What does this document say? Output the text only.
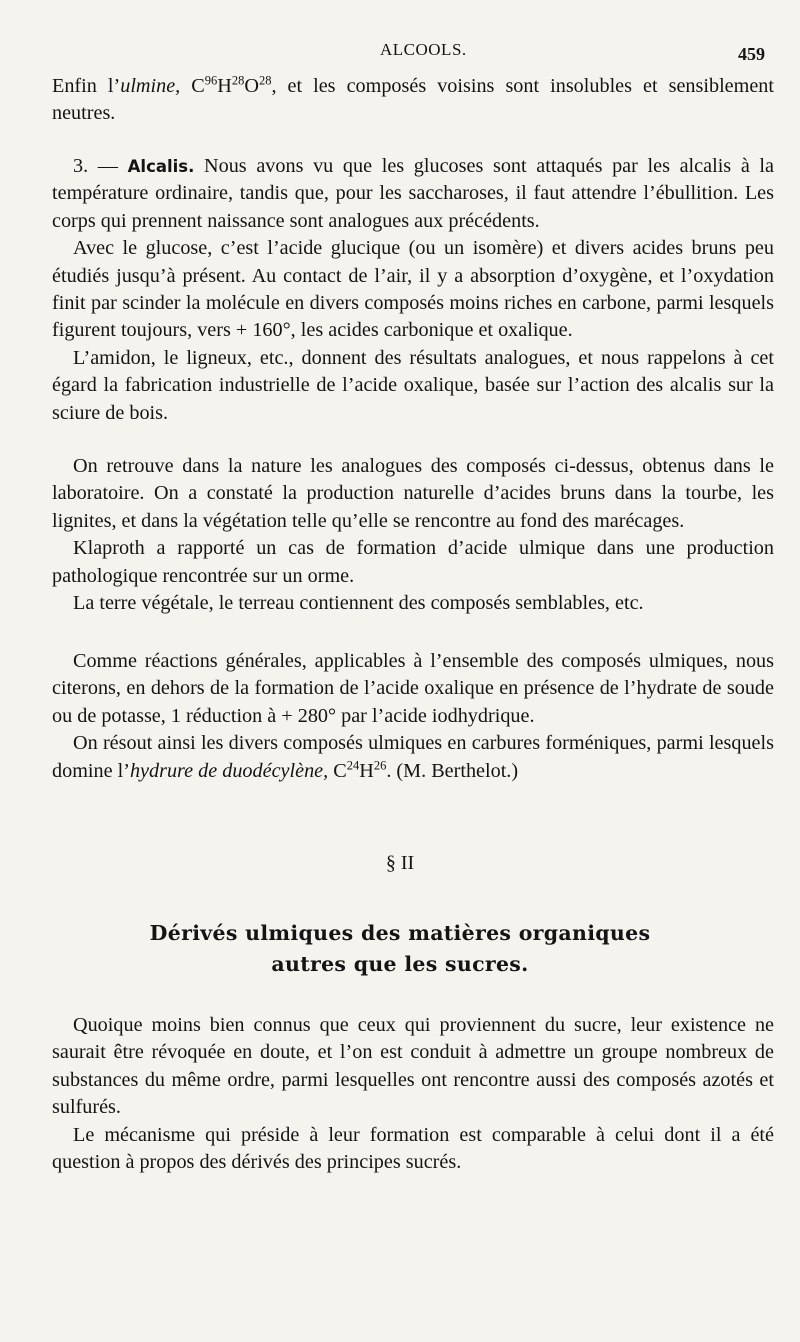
ALCOOLS.	459

Enfin l’ulmine, $C^{96}H^{28}O^{28}$, et les composés voisins sont insolubles et sensiblement neutres.

3. — Alcalis. Nous avons vu que les glucoses sont attaqués par les alcalis à la température ordinaire, tandis que, pour les saccharoses, il faut attendre l’ébullition. Les corps qui prennent naissance sont analogues aux précédents.

Avec le glucose, c’est l’acide glucique (ou un isomère) et divers acides bruns peu étudiés jusqu’à présent. Au contact de l’air, il y a absorption d’oxygène, et l’oxydation finit par scinder la molécule en divers composés moins riches en carbone, parmi lesquels figurent toujours, vers + 160°, les acides carbonique et oxalique.

L’amidon, le ligneux, etc., donnent des résultats analogues, et nous rappelons à cet égard la fabrication industrielle de l’acide oxalique, basée sur l’action des alcalis sur la sciure de bois.

On retrouve dans la nature les analogues des composés ci-dessus, obtenus dans le laboratoire. On a constaté la production naturelle d’acides bruns dans la tourbe, les lignites, et dans la végétation telle qu’elle se rencontre au fond des marécages.

Klaproth a rapporté un cas de formation d’acide ulmique dans une production pathologique rencontrée sur un orme.

La terre végétale, le terreau contiennent des composés semblables, etc.

Comme réactions générales, applicables à l’ensemble des composés ulmiques, nous citerons, en dehors de la formation de l’acide oxalique en présence de l’hydrate de soude ou de potasse, 1 réduction à + 280° par l’acide iodhydrique.

On résout ainsi les divers composés ulmiques en carbures forméniques, parmi lesquels domine l’hydrure de duodécylène, $C^{24}H^{26}$. (M. Berthelot.)

§ II
Dérivés ulmiques des matières organiques
autres que les sucres.

Quoique moins bien connus que ceux qui proviennent du sucre, leur existence ne saurait être révoquée en doute, et l’on est conduit à admettre un groupe nombreux de substances du même ordre, parmi lesquelles ont rencontre aussi des composés azotés et sulfurés.

Le mécanisme qui préside à leur formation est comparable à celui dont il a été question à propos des dérivés des principes sucrés.
